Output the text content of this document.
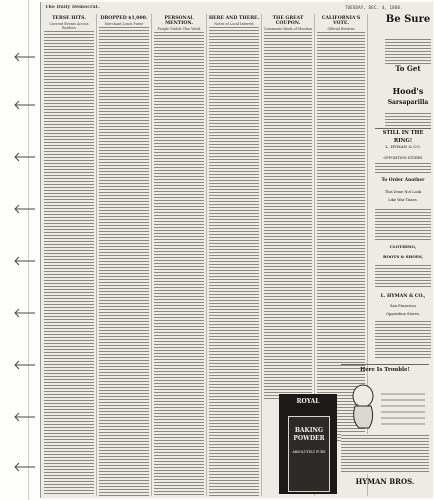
The Daily Democrat.	TUESDAY, DEC. 4, 1888.
TERSE HITS.
Current Events Across Borders
DROPPED $1,000.
Merchant Loses Purse
PERSONAL MENTION.
People Visible This Week
HERE AND THERE.
Notes of Local Interest
THE GREAT COUPON.
Comments Week of Mention
CALIFORNIA'S VOTE.
Official Returns
Be Sure
To Get
Hood's
Sarsaparilla
STILL IN THE RING!
L. HYMAN & CO.
OPPOSITION STORES
To Order Another
This Done Not Look
Like War Times.
CLOTHING,
BOOTS & SHOES,
L. HYMAN & CO.,
San Francisco
Opposition Stores,
Here Is Trouble!
HYMAN BROS.
ROYAL
BAKING
POWDER
ABSOLUTELY PURE
